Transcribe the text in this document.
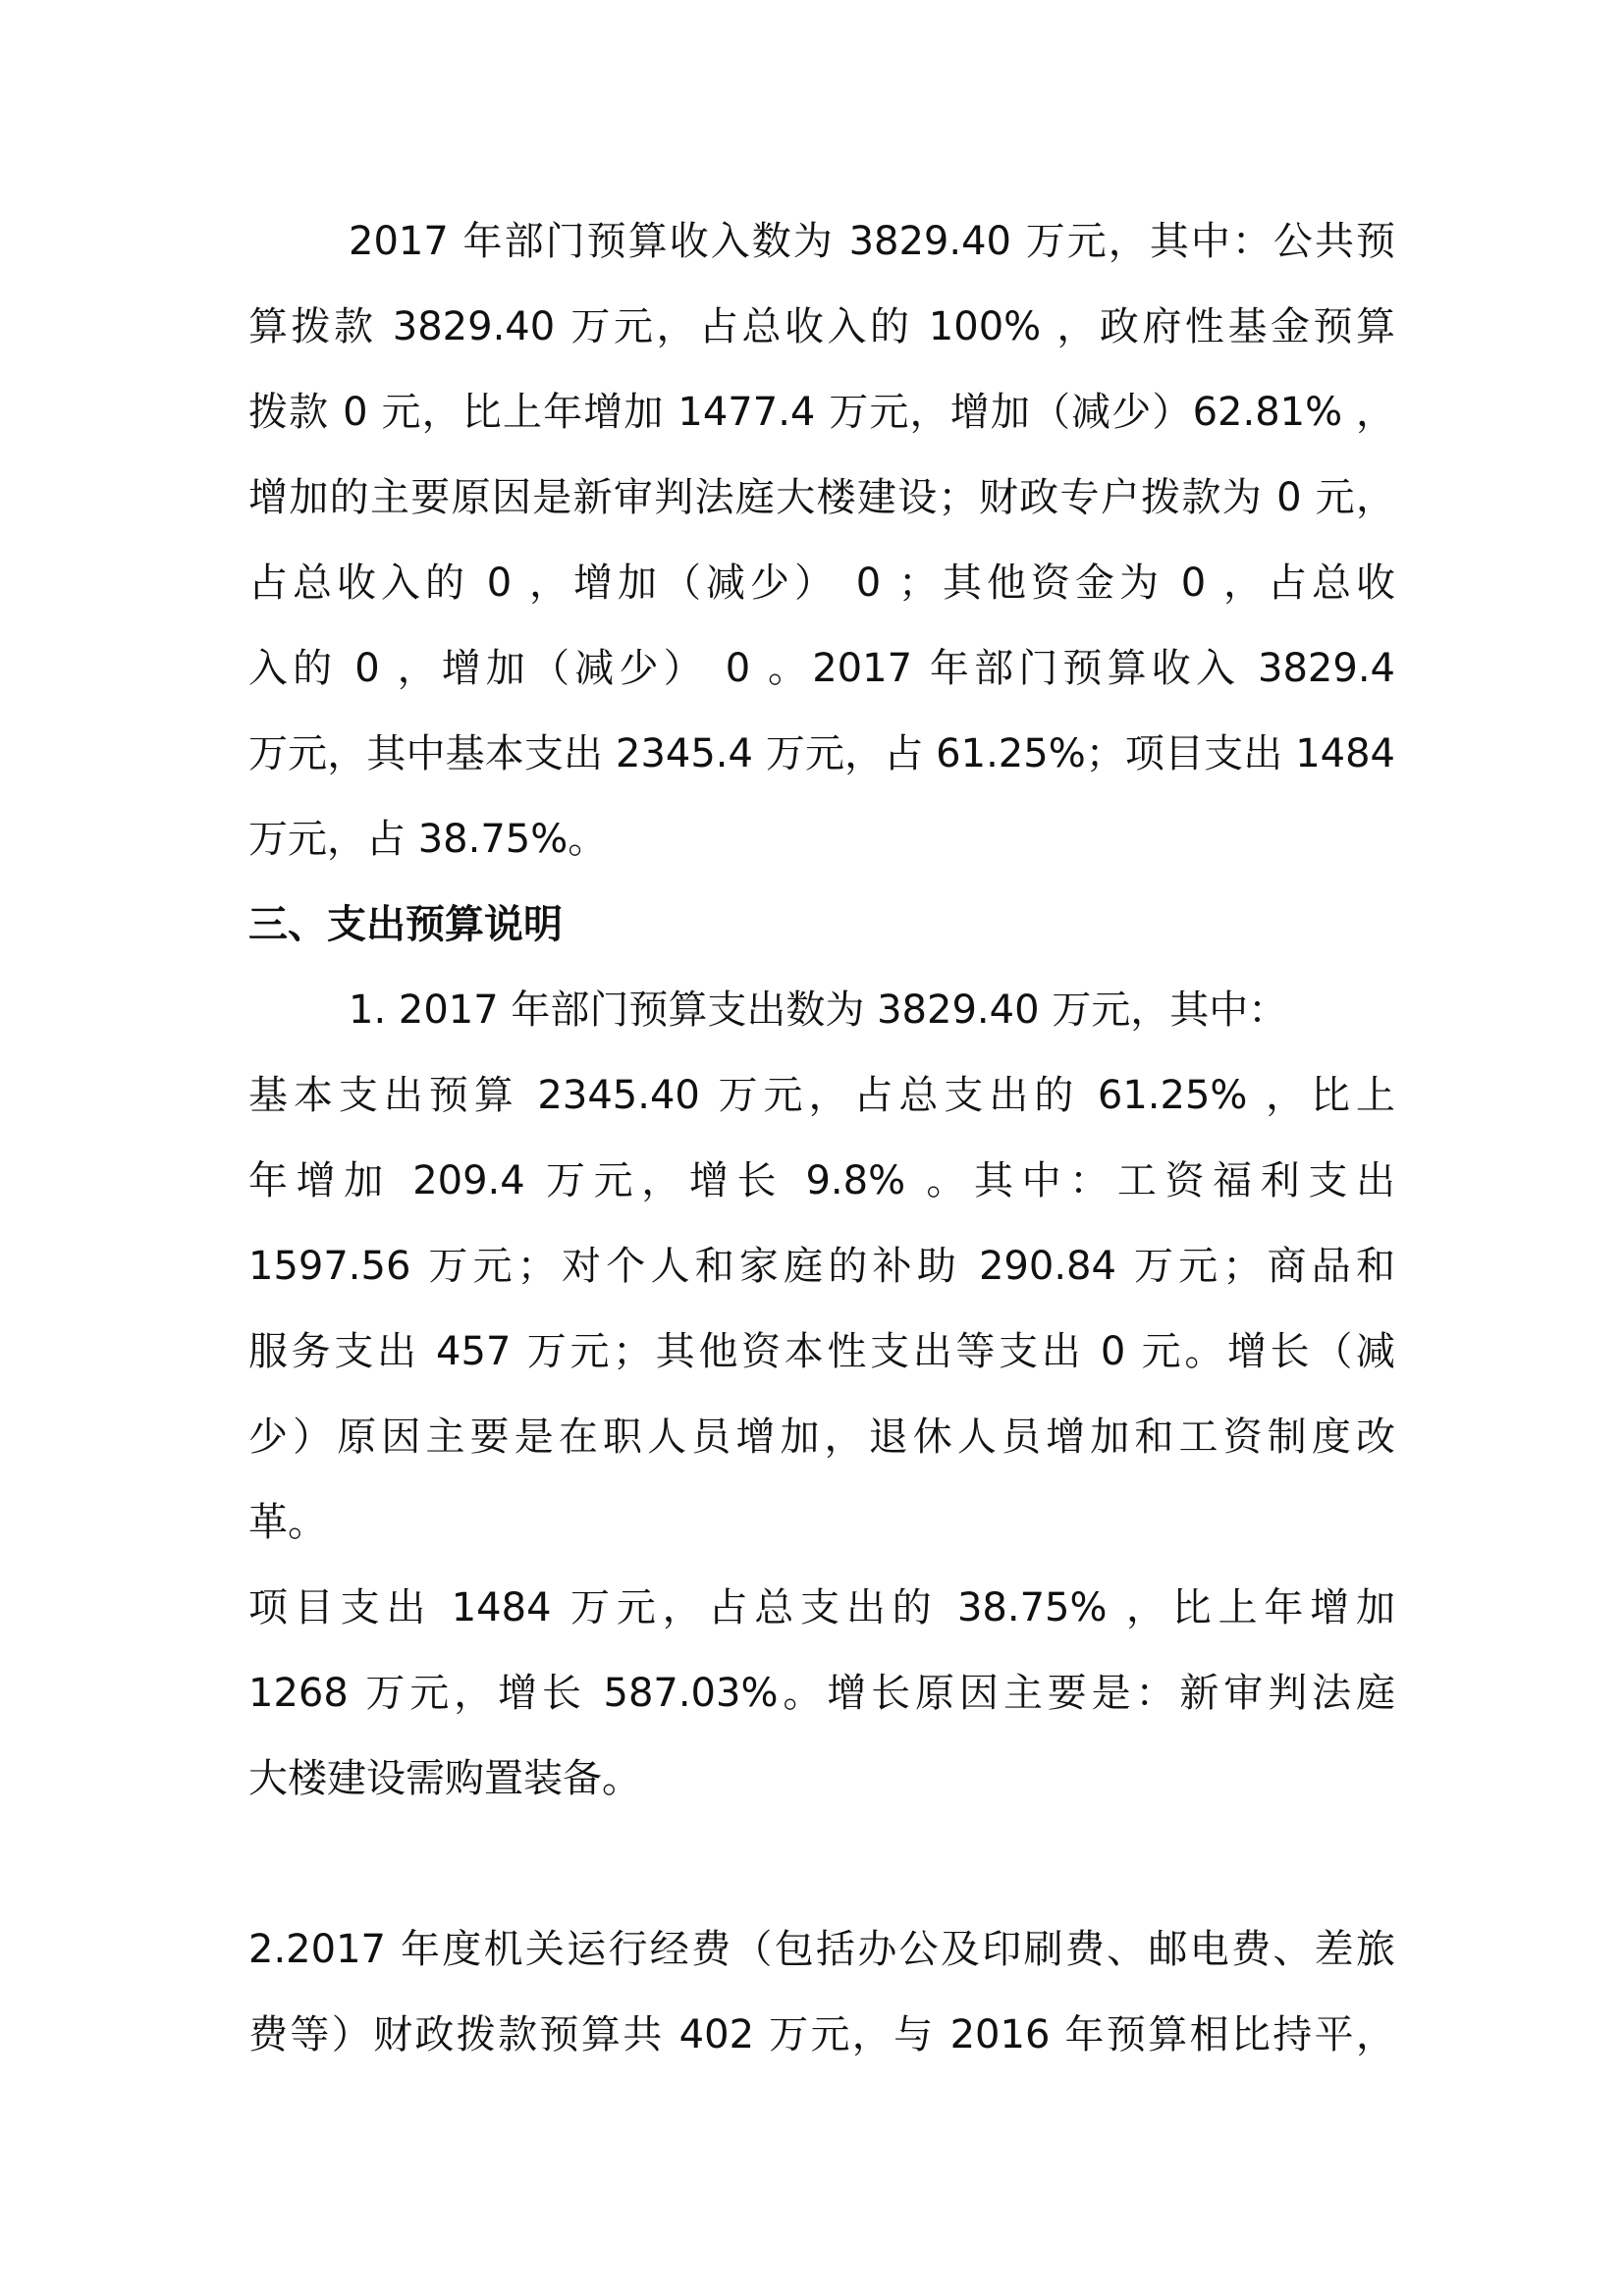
2017 年部门预算收入数为 3829.40 万元，其中：公共预
算拨款 3829.40 万元，占总收入的 100% ，政府性基金预算
拨款 0 元，比上年增加 1477.4 万元，增加（减少）62.81% ，
增加的主要原因是新审判法庭大楼建设；财政专户拨款为 0 元，
占总收入的 0 ，增加（减少） 0 ；其他资金为 0 ，占总收
入的 0 ，增加（减少） 0 。2017 年部门预算收入 3829.4
万元，其中基本支出 2345.4 万元，占 61.25%；项目支出 1484
万元，占 38.75%。
三、支出预算说明
1. 2017 年部门预算支出数为 3829.40 万元，其中：
基本支出预算 2345.40 万元，占总支出的 61.25% ，比上
年增加 209.4 万元，增长 9.8% 。其中：工资福利支出
1597.56 万元；对个人和家庭的补助 290.84 万元；商品和
服务支出 457 万元；其他资本性支出等支出 0 元。增长（减
少）原因主要是在职人员增加，退休人员增加和工资制度改
革。
项目支出 1484 万元，占总支出的 38.75% ，比上年增加
1268 万元，增长 587.03%。增长原因主要是：新审判法庭
大楼建设需购置装备。
2.2017 年度机关运行经费（包括办公及印刷费、邮电费、差旅
费等）财政拨款预算共 402 万元，与 2016 年预算相比持平，
